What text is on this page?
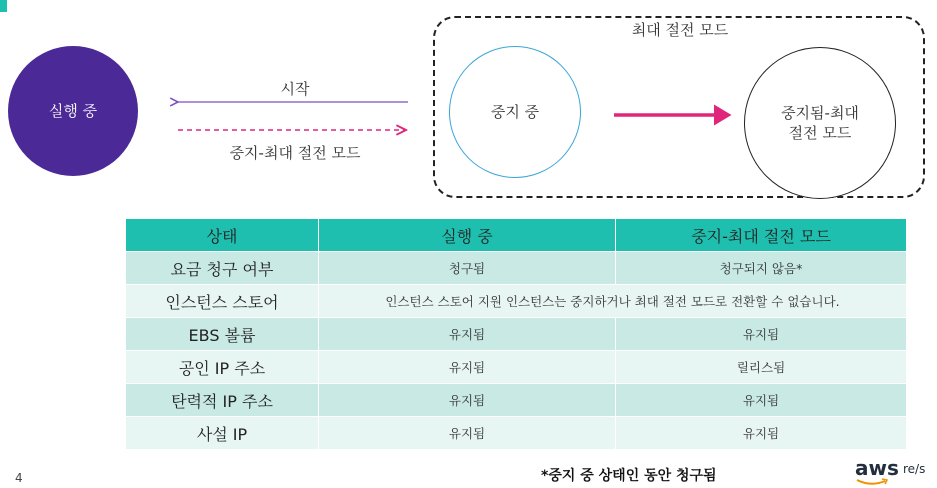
최대 절전 모드
실행 중	중지 중	중지됨-최대
절전 모드
시작
중지-최대 절전 모드
상태	실행 중	중지-최대 절전 모드
요금 청구 여부	청구됨	청구되지 않음*
인스턴스 스토어	인스턴스 스토어 지원 인스턴스는 중지하거나 최대 절전 모드로 전환할 수 없습니다.	
EBS 볼륨	유지됨	유지됨
공인 IP 주소	유지됨	릴리스됨
탄력적 IP 주소	유지됨	유지됨
사설 IP	유지됨	유지됨
4	*중지 중 상태인 동안 청구됨	aws re/s
